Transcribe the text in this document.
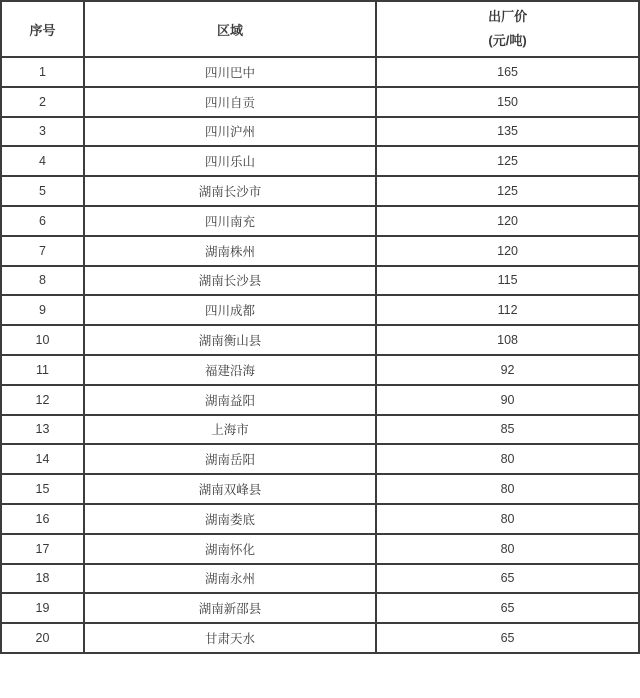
序号	区域	出厂价
(元/吨)

1	四川巴中	165
2	四川自贡	150
3	四川沪州	135
4	四川乐山	125
5	湖南长沙市	125
6	四川南充	120
7	湖南株州	120
8	湖南长沙县	115
9	四川成都	112
10	湖南衡山县	108
11	福建沿海	92
12	湖南益阳	90
13	上海市	85
14	湖南岳阳	80
15	湖南双峰县	80
16	湖南娄底	80
17	湖南怀化	80
18	湖南永州	65
19	湖南新邵县	65
20	甘肃天水	65
